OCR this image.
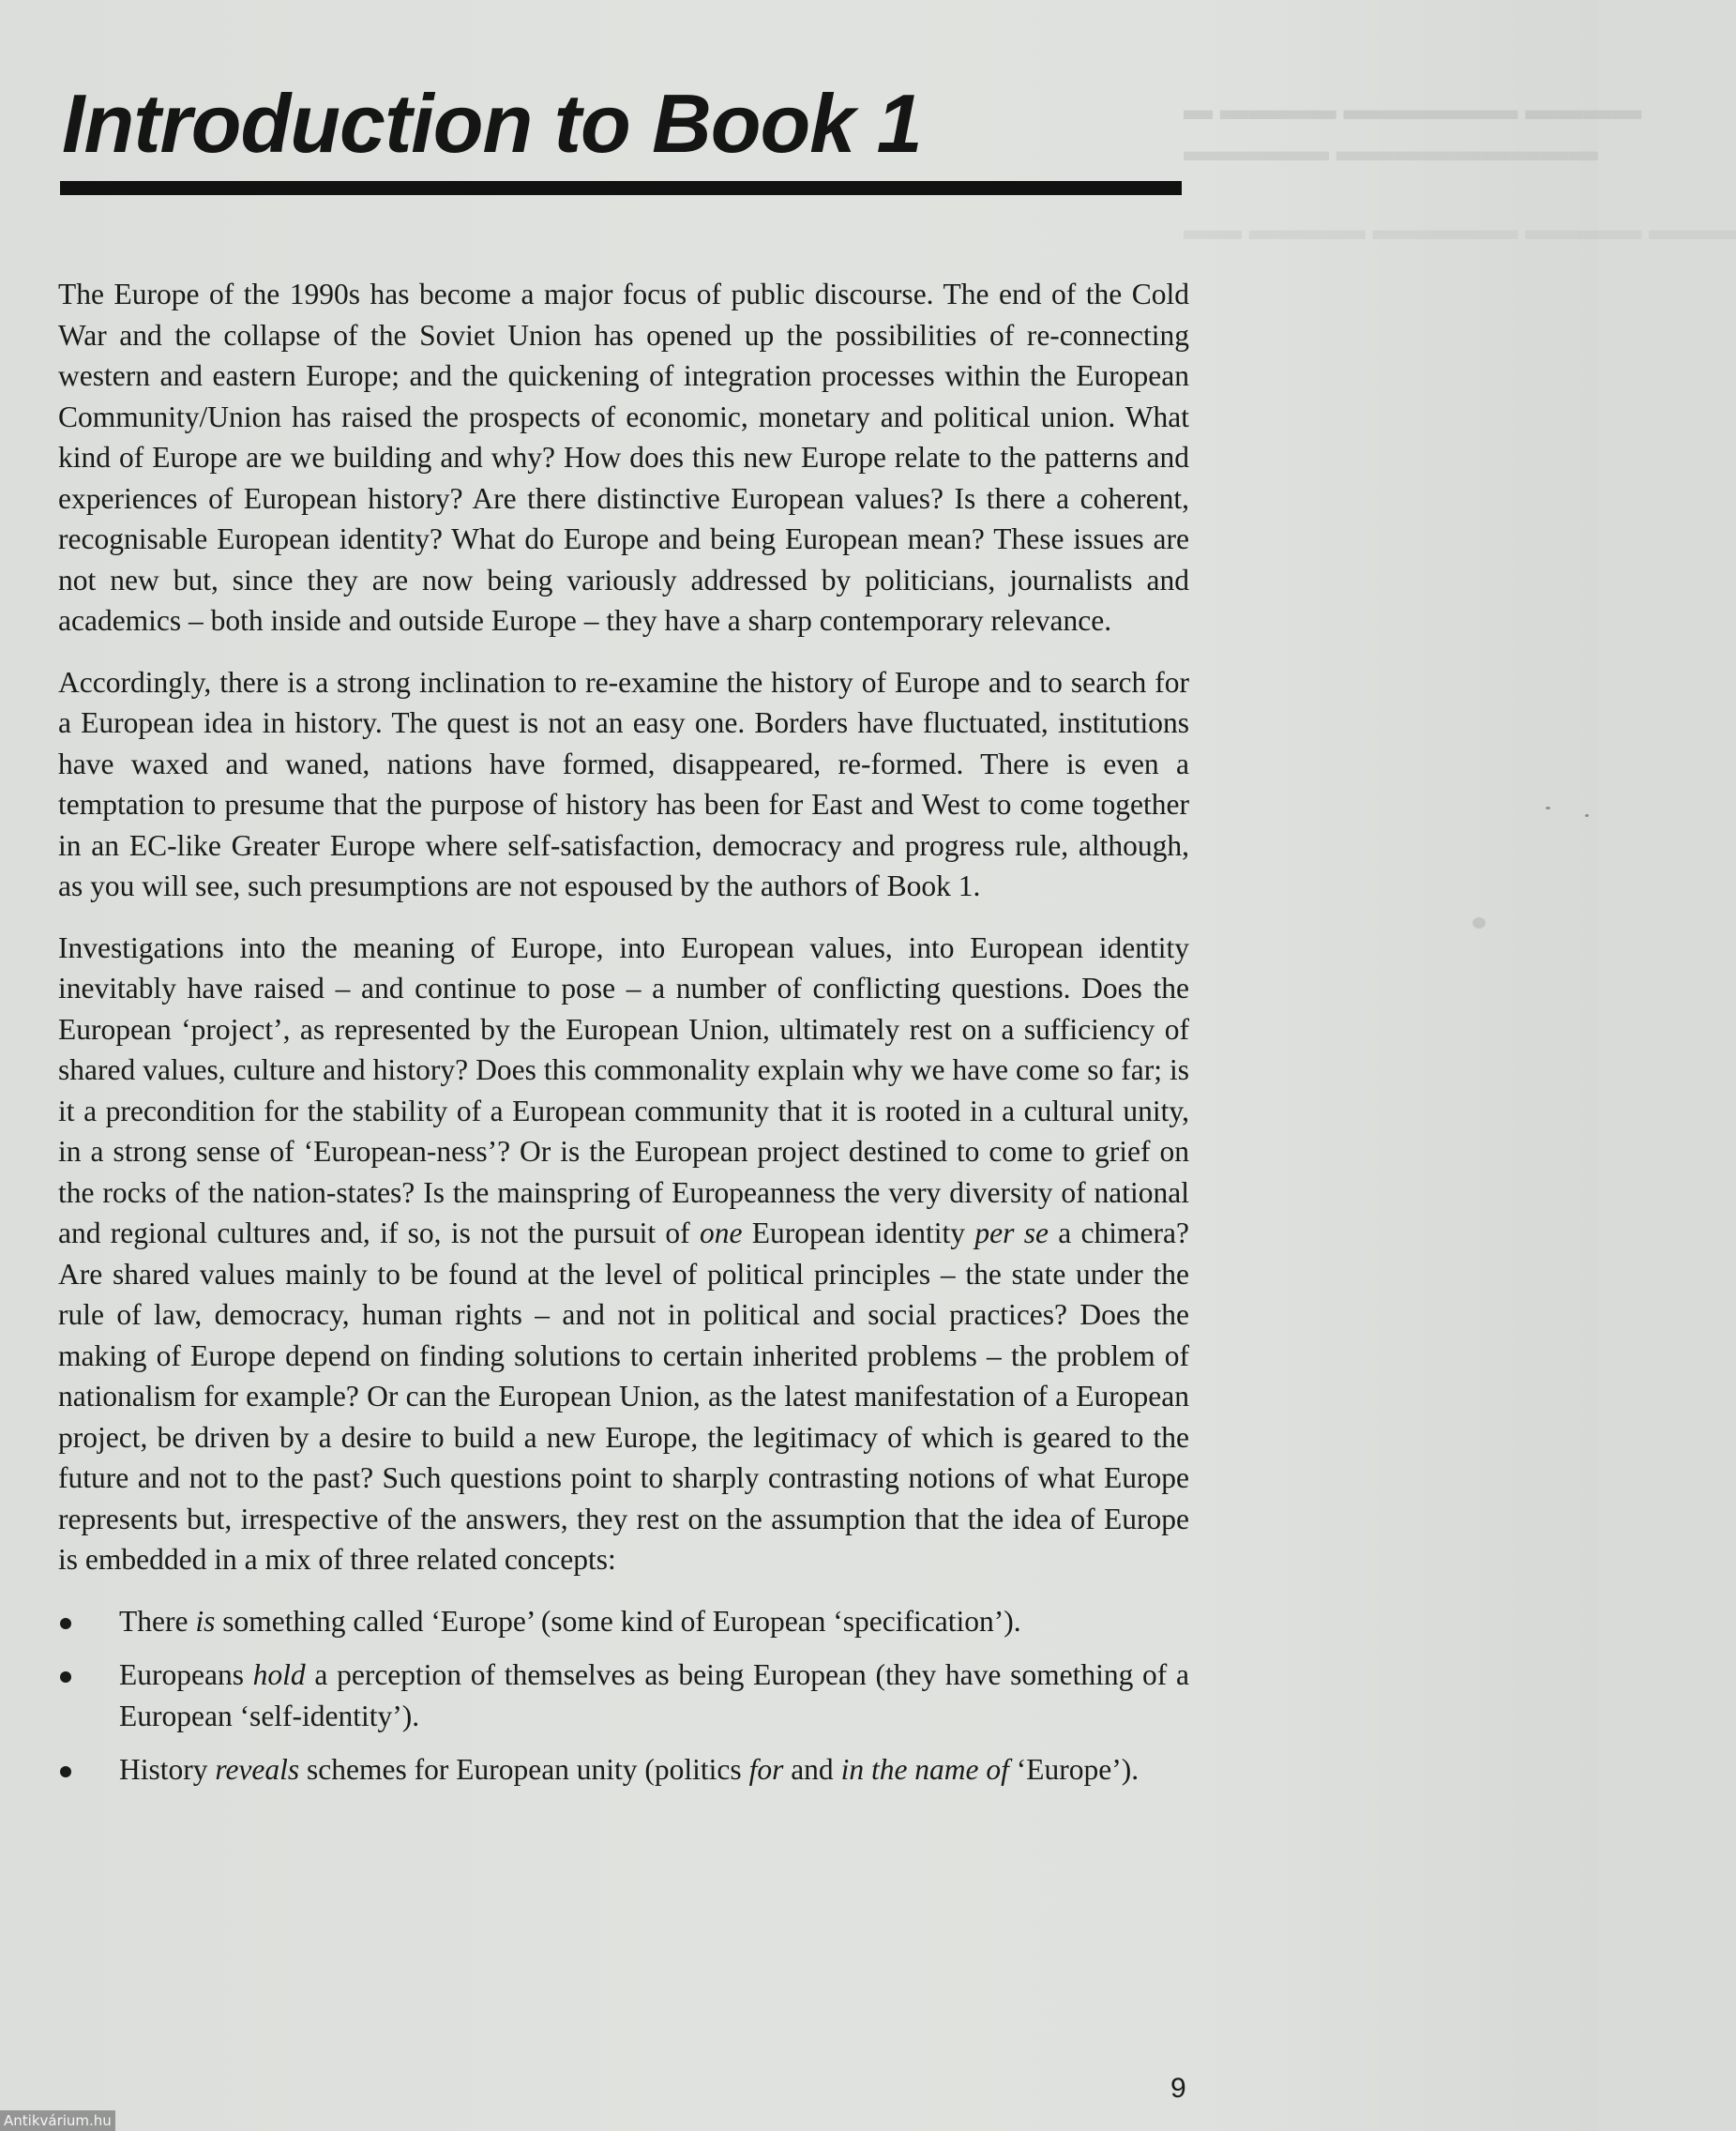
▬ ▬▬▬▬ ▬▬▬▬▬▬ ▬▬▬▬
▬▬▬▬▬ ▬▬▬▬▬▬▬▬▬
▬▬ ▬▬▬▬ ▬▬▬▬▬ ▬▬▬▬ ▬▬▬
Introduction to Book 1

The Europe of the 1990s has become a major focus of public discourse. The end of the Cold War and the collapse of the Soviet Union has opened up the possibilities of re-connecting western and eastern Europe; and the quickening of integration processes within the European Community/Union has raised the prospects of economic, monetary and political union. What kind of Europe are we building and why? How does this new Europe relate to the patterns and experiences of European history? Are there distinctive European values? Is there a coherent, recognisable European identity? What do Europe and being European mean? These issues are not new but, since they are now being variously addressed by politicians, journalists and academics – both inside and outside Europe – they have a sharp contemporary relevance.

Accordingly, there is a strong inclination to re-examine the history of Europe and to search for a European idea in history. The quest is not an easy one. Borders have fluctuated, institutions have waxed and waned, nations have formed, disappeared, re-formed. There is even a temptation to presume that the purpose of history has been for East and West to come together in an EC-like Greater Europe where self-satisfaction, democracy and progress rule, although, as you will see, such presumptions are not espoused by the authors of Book 1.

Investigations into the meaning of Europe, into European values, into European identity inevitably have raised – and continue to pose – a number of conflicting questions. Does the European ‘project’, as represented by the European Union, ultimately rest on a sufficiency of shared values, culture and history? Does this commonality explain why we have come so far; is it a precondition for the stability of a European community that it is rooted in a cultural unity, in a strong sense of ‘European-ness’? Or is the European project destined to come to grief on the rocks of the nation-states? Is the mainspring of Europeanness the very diversity of national and regional cultures and, if so, is not the pursuit of one European identity per se a chimera? Are shared values mainly to be found at the level of political principles – the state under the rule of law, democracy, human rights – and not in political and social practices? Does the making of Europe depend on finding solutions to certain inherited problems – the problem of nationalism for example? Or can the European Union, as the latest manifestation of a European project, be driven by a desire to build a new Europe, the legitimacy of which is geared to the future and not to the past? Such questions point to sharply contrasting notions of what Europe represents but, irrespective of the answers, they rest on the assumption that the idea of Europe is embedded in a mix of three related concepts:

There is something called ‘Europe’ (some kind of European ‘specification’).
Europeans hold a perception of themselves as being European (they have something of a European ‘self-identity’).
History reveals schemes for European unity (politics for and in the name of ‘Europe’).
9
Antikvárium.hu
